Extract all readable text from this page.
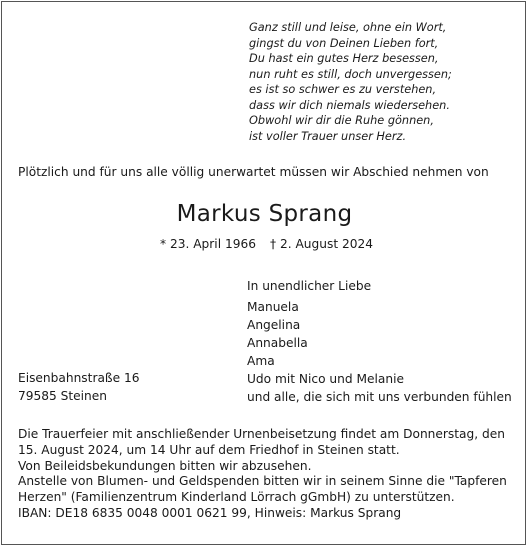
Ganz still und leise, ohne ein Wort,
gingst du von Deinen Lieben fort,
Du hast ein gutes Herz besessen,
nun ruht es still, doch unvergessen;
es ist so schwer es zu verstehen,
dass wir dich niemals wiedersehen.
Obwohl wir dir die Ruhe gönnen,
ist voller Trauer unser Herz.
Plötzlich und für uns alle völlig unerwartet müssen wir Abschied nehmen von
Markus Sprang
* 23. April 1966 † 2. August 2024
In unendlicher Liebe
Manuela
Angelina
Annabella
Ama
Udo mit Nico und Melanie
und alle, die sich mit uns verbunden fühlen
Eisenbahnstraße 16
79585 Steinen
Die Trauerfeier mit anschließender Urnenbeisetzung findet am Donnerstag, den
15. August 2024, um 14 Uhr auf dem Friedhof in Steinen statt.
Von Beileidsbekundungen bitten wir abzusehen.
Anstelle von Blumen- und Geldspenden bitten wir in seinem Sinne die "Tapferen
Herzen" (Familienzentrum Kinderland Lörrach gGmbH) zu unterstützen.
IBAN: DE18 6835 0048 0001 0621 99, Hinweis: Markus Sprang
